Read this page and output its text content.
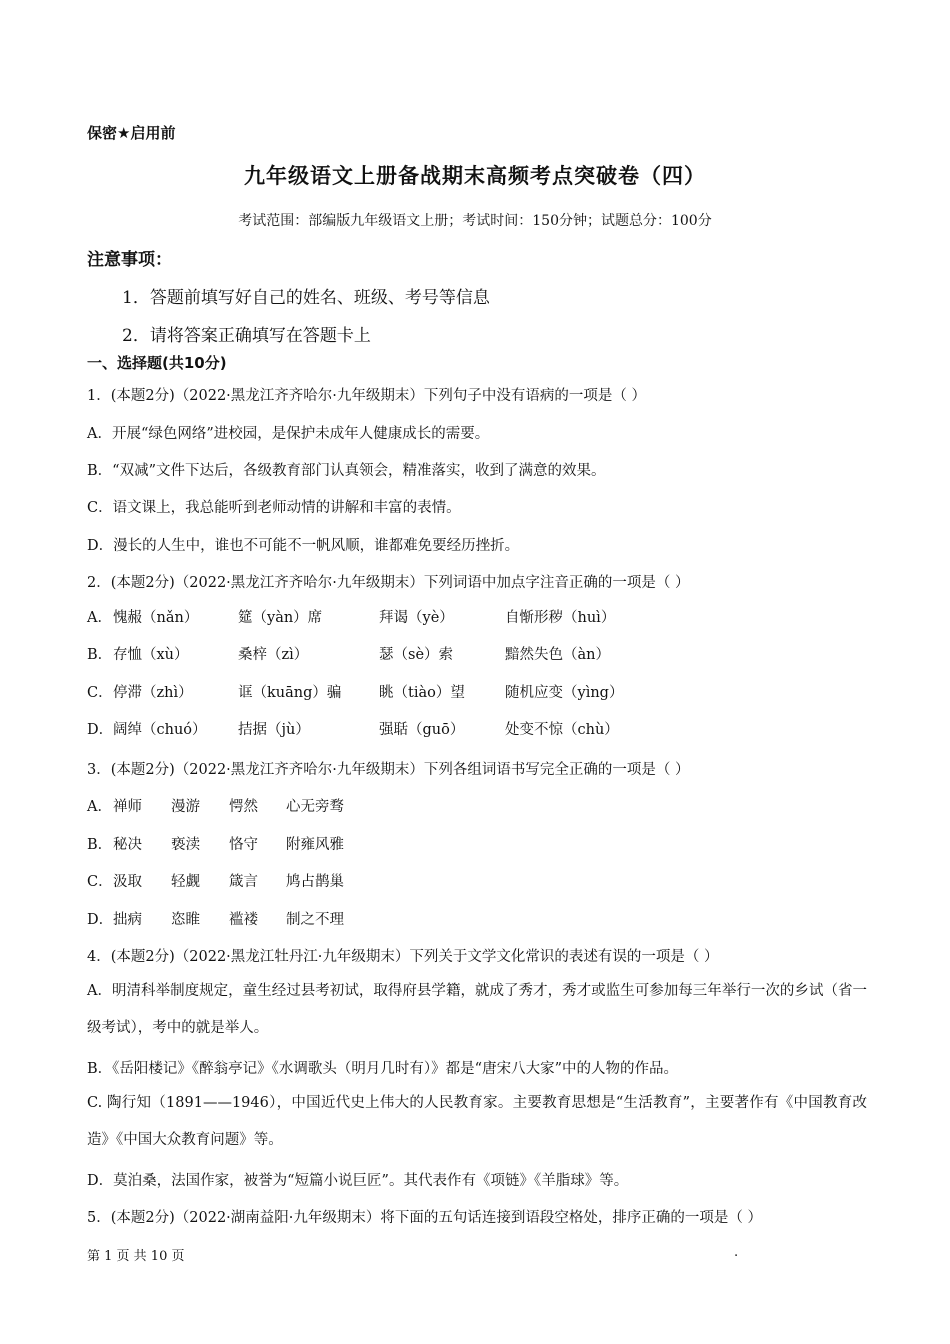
保密★启用前
九年级语文上册备战期末高频考点突破卷（四）
考试范围：部编版九年级语文上册；考试时间：150分钟；试题总分：100分
注意事项：
1．答题前填写好自己的姓名、班级、考号等信息
2．请将答案正确填写在答题卡上
一、选择题(共10分)
1．(本题2分)（2022·黑龙江齐齐哈尔·九年级期末）下列句子中没有语病的一项是（ ）
A．开展“绿色网络”进校园，是保护未成年人健康成长的需要。
B．“双减”文件下达后，各级教育部门认真领会，精准落实，收到了满意的效果。
C．语文课上，我总能听到老师动情的讲解和丰富的表情。
D．漫长的人生中，谁也不可能不一帆风顺，谁都难免要经历挫折。
2．(本题2分)（2022·黑龙江齐齐哈尔·九年级期末）下列词语中加点字注音正确的一项是（ ）
A． 愧赧（nǎn）	筵（yàn）席	拜谒（yè）	自惭形秽（huì）
B． 存恤（xù）	桑梓（zì）	瑟（sè）索	黯然失色（àn）
C． 停滞（zhì）	诓（kuāng）骗	眺（tiào）望	随机应变（yìng）
D． 阔绰（chuó）	拮据（jù）	强聒（guō）	处变不惊（chù）
3．(本题2分)（2022·黑龙江齐齐哈尔·九年级期末）下列各组词语书写完全正确的一项是（ ）
A． 禅师	漫游	愕然	心无旁骛
B． 秘决	亵渎	恪守	附雍风雅
C． 汲取	轻觑	箴言	鸠占鹊巢
D． 拙病	恣睢	褴褛	制之不理
4．(本题2分)（2022·黑龙江牡丹江·九年级期末）下列关于文学文化常识的表述有误的一项是（ ）
A．明清科举制度规定，童生经过县考初试，取得府县学籍，就成了秀才，秀才或监生可参加每三年举行一次的乡试（省一级考试），考中的就是举人。
B．《岳阳楼记》《醉翁亭记》《水调歌头（明月几时有）》都是“唐宋八大家”中的人物的作品。
C. 陶行知（1891——1946），中国近代史上伟大的人民教育家。主要教育思想是“生活教育”，主要著作有《中国教育改造》《中国大众教育问题》等。
D．莫泊桑，法国作家，被誉为“短篇小说巨匠”。其代表作有《项链》《羊脂球》等。
5．(本题2分)（2022·湖南益阳·九年级期末）将下面的五句话连接到语段空格处，排序正确的一项是（ ）
第 1 页 共 10 页	.
